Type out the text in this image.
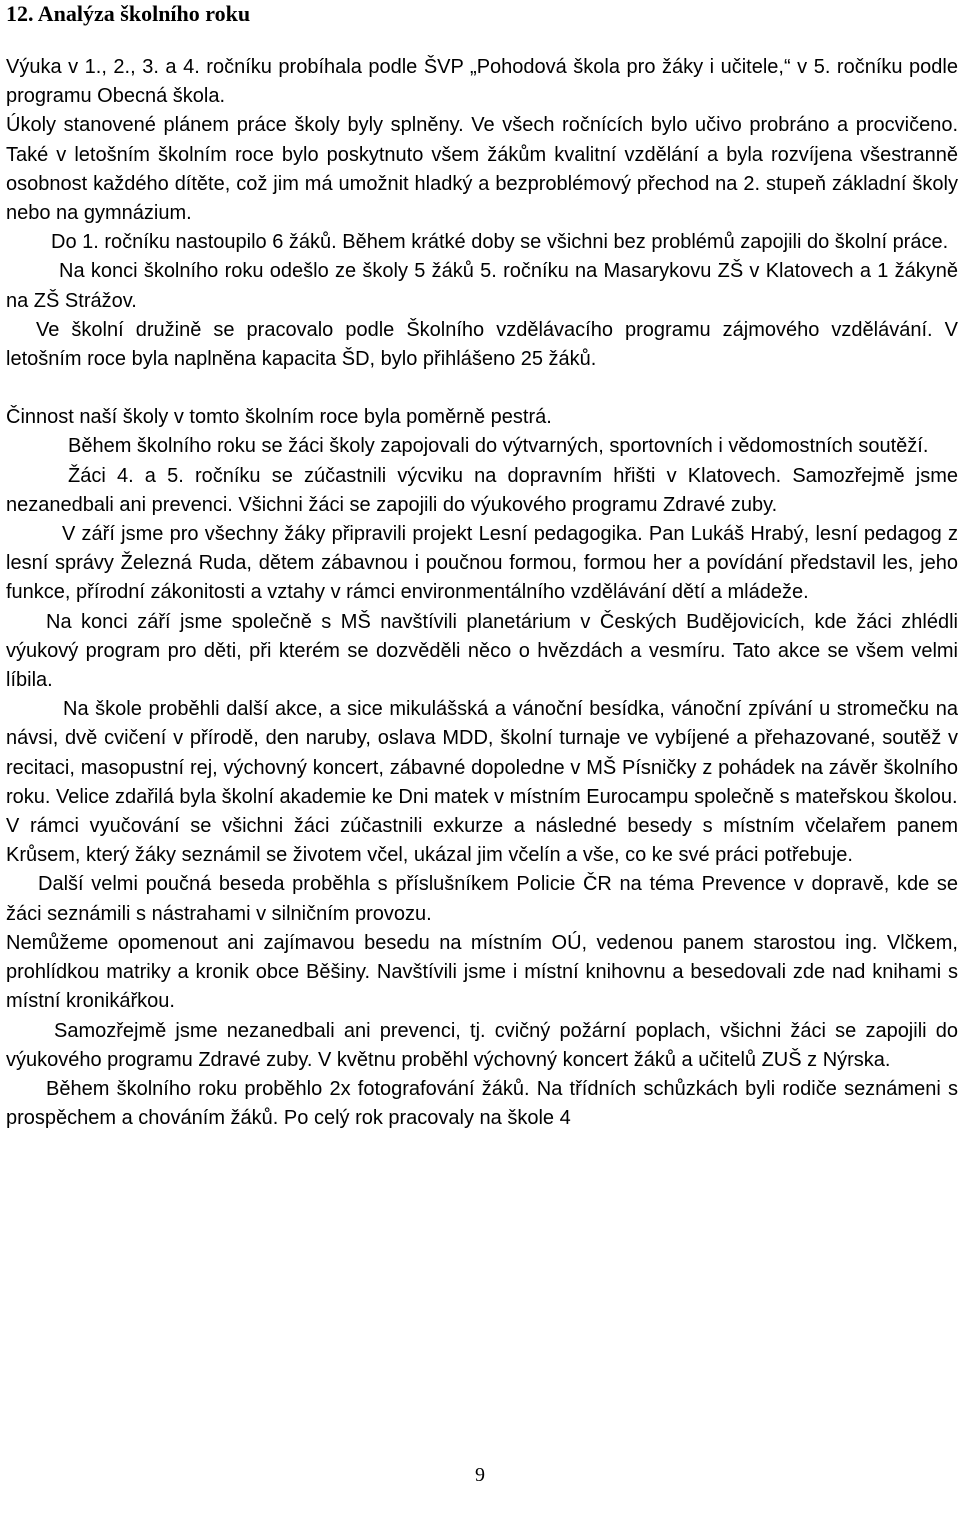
12. Analýza školního roku

Výuka v 1., 2., 3. a 4. ročníku probíhala podle ŠVP „Pohodová škola pro žáky i učitele,“ v 5. ročníku podle programu Obecná škola.

Úkoly stanovené plánem práce školy byly splněny. Ve všech ročnících bylo učivo probráno a procvičeno. Také v letošním školním roce bylo poskytnuto všem žákům kvalitní vzdělání a byla rozvíjena všestranně osobnost každého dítěte, což jim má umožnit hladký a bezproblémový přechod na 2. stupeň základní školy nebo na gymnázium.

Do 1. ročníku nastoupilo 6 žáků. Během krátké doby se všichni bez problémů zapojili do školní práce.

Na konci školního roku odešlo ze školy 5 žáků 5. ročníku na Masarykovu ZŠ v Klatovech a 1 žákyně na ZŠ Strážov.

Ve školní družině se pracovalo podle Školního vzdělávacího programu zájmového vzdělávání. V letošním roce byla naplněna kapacita ŠD, bylo přihlášeno 25 žáků.

Činnost naší školy v tomto školním roce byla poměrně pestrá.

Během školního roku se žáci školy zapojovali do výtvarných, sportovních i vědomostních soutěží.

Žáci 4. a 5. ročníku se zúčastnili výcviku na dopravním hřišti v Klatovech. Samozřejmě jsme nezanedbali ani prevenci. Všichni žáci se zapojili do výukového programu Zdravé zuby.

V září jsme pro všechny žáky připravili projekt Lesní pedagogika. Pan Lukáš Hrabý, lesní pedagog z lesní správy Železná Ruda, dětem zábavnou i poučnou formou, formou her a povídání představil les, jeho funkce, přírodní zákonitosti a vztahy v rámci environmentálního vzdělávání dětí a mládeže.

Na konci září jsme společně s MŠ navštívili planetárium v Českých Budějovicích, kde žáci zhlédli výukový program pro děti, při kterém se dozvěděli něco o hvězdách a vesmíru. Tato akce se všem velmi líbila.

Na škole proběhli další akce, a sice mikulášská a vánoční besídka, vánoční zpívání u stromečku na návsi, dvě cvičení v přírodě, den naruby, oslava MDD, školní turnaje ve vybíjené a přehazované, soutěž v recitaci, masopustní rej, výchovný koncert, zábavné dopoledne v MŠ Písničky z pohádek na závěr školního roku. Velice zdařilá byla školní akademie ke Dni matek v místním Eurocampu společně s mateřskou školou.

V rámci vyučování se všichni žáci zúčastnili exkurze a následné besedy s místním včelařem panem Krůsem, který žáky seznámil se životem včel, ukázal jim včelín a vše, co ke své práci potřebuje.

Další velmi poučná beseda proběhla s příslušníkem Policie ČR na téma Prevence v dopravě, kde se žáci seznámili s nástrahami v silničním provozu.

Nemůžeme opomenout ani zajímavou besedu na místním OÚ, vedenou panem starostou ing. Vlčkem, prohlídkou matriky a kronik obce Běšiny. Navštívili jsme i místní knihovnu a besedovali zde nad knihami s místní kronikářkou.

Samozřejmě jsme nezanedbali ani prevenci, tj. cvičný požární poplach, všichni žáci se zapojili do výukového programu Zdravé zuby. V květnu proběhl výchovný koncert žáků a učitelů ZUŠ z Nýrska.

Během školního roku proběhlo 2x fotografování žáků. Na třídních schůzkách byli rodiče seznámeni s prospěchem a chováním žáků. Po celý rok pracovaly na škole 4

9
